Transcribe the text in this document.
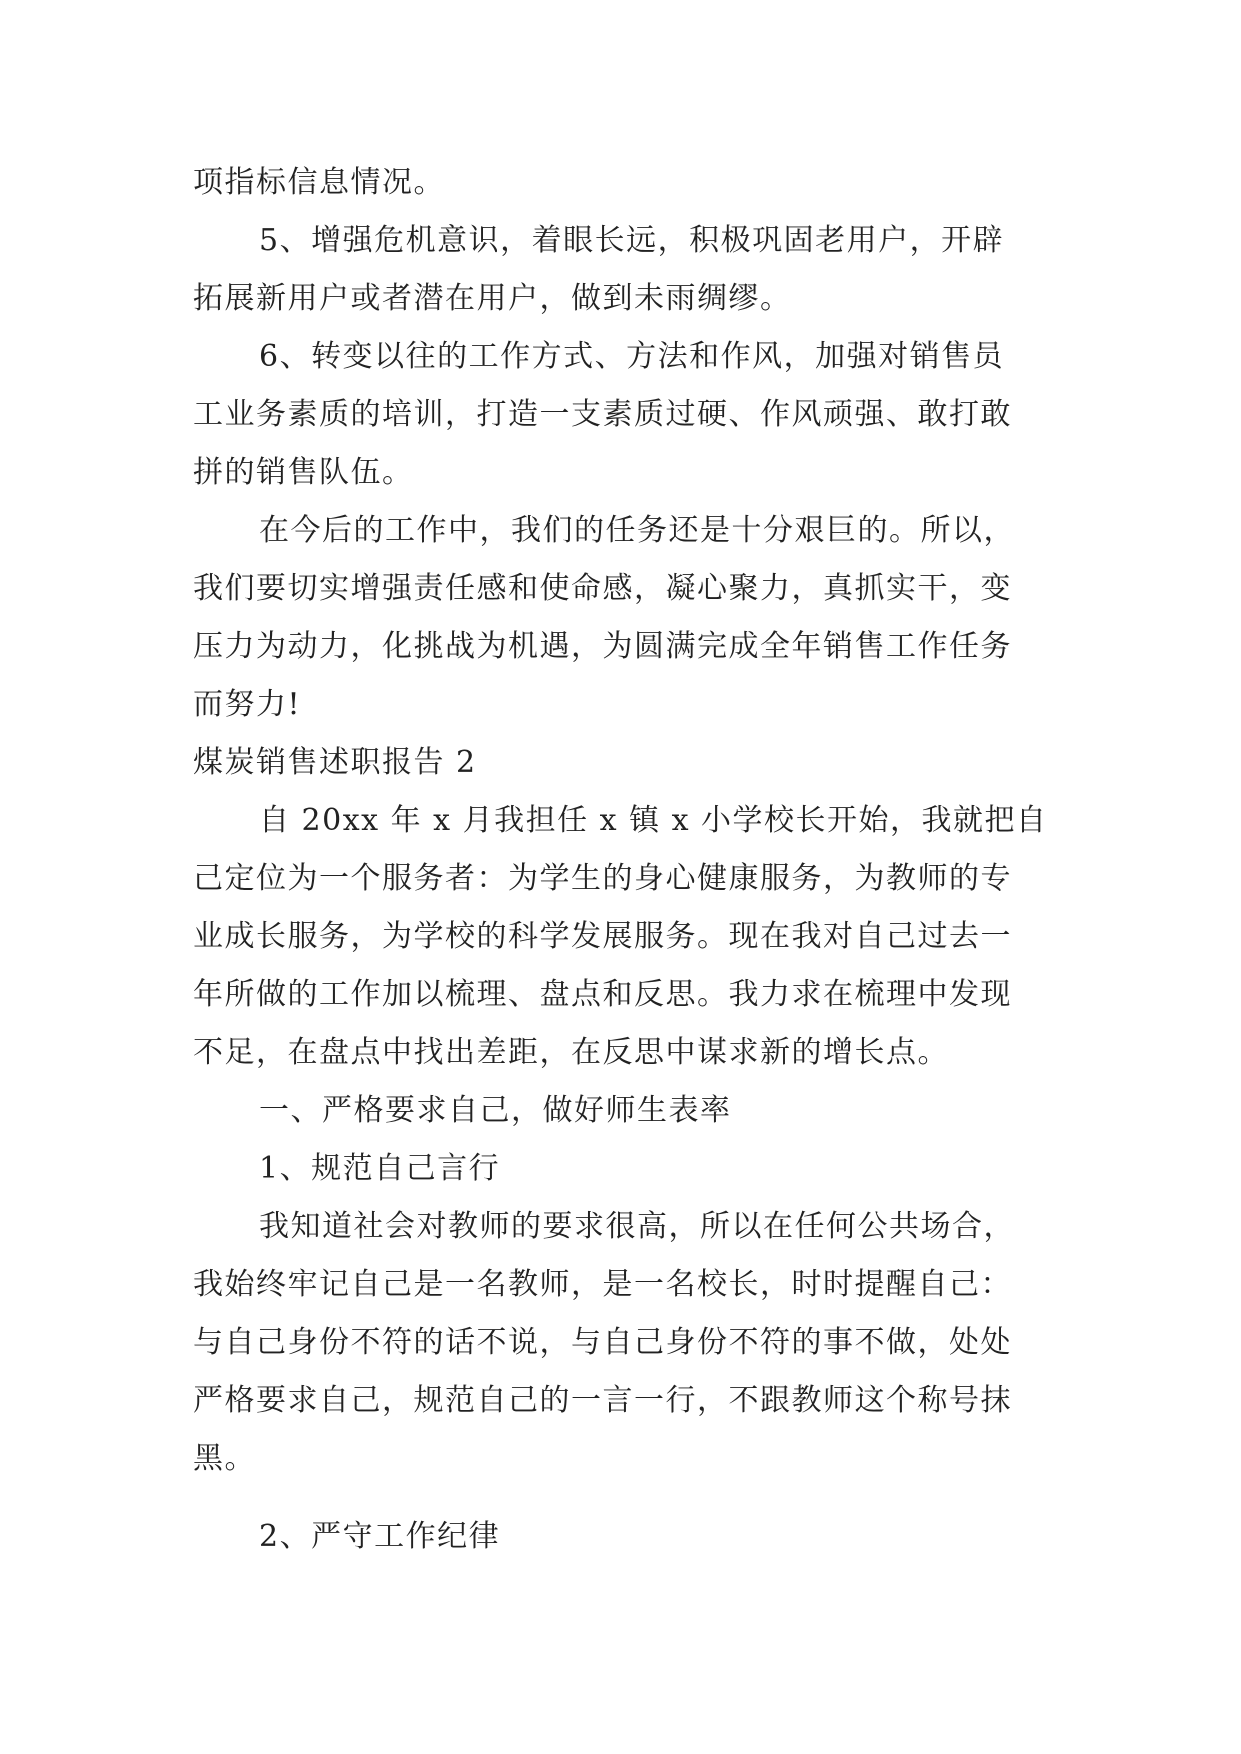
项指标信息情况。
5、增强危机意识，着眼长远，积极巩固老用户，开辟
拓展新用户或者潜在用户，做到未雨绸缪。
6、转变以往的工作方式、方法和作风，加强对销售员
工业务素质的培训，打造一支素质过硬、作风顽强、敢打敢
拼的销售队伍。
在今后的工作中，我们的任务还是十分艰巨的。所以，
我们要切实增强责任感和使命感，凝心聚力，真抓实干，变
压力为动力，化挑战为机遇，为圆满完成全年销售工作任务
而努力!
煤炭销售述职报告 2
自 20xx 年 x 月我担任 x 镇 x 小学校长开始，我就把自
己定位为一个服务者：为学生的身心健康服务，为教师的专
业成长服务，为学校的科学发展服务。现在我对自己过去一
年所做的工作加以梳理、盘点和反思。我力求在梳理中发现
不足，在盘点中找出差距，在反思中谋求新的增长点。
一、严格要求自己，做好师生表率
1、规范自己言行
我知道社会对教师的要求很高，所以在任何公共场合，
我始终牢记自己是一名教师，是一名校长，时时提醒自己：
与自己身份不符的话不说，与自己身份不符的事不做，处处
严格要求自己，规范自己的一言一行，不跟教师这个称号抹
黑。
2、严守工作纪律
